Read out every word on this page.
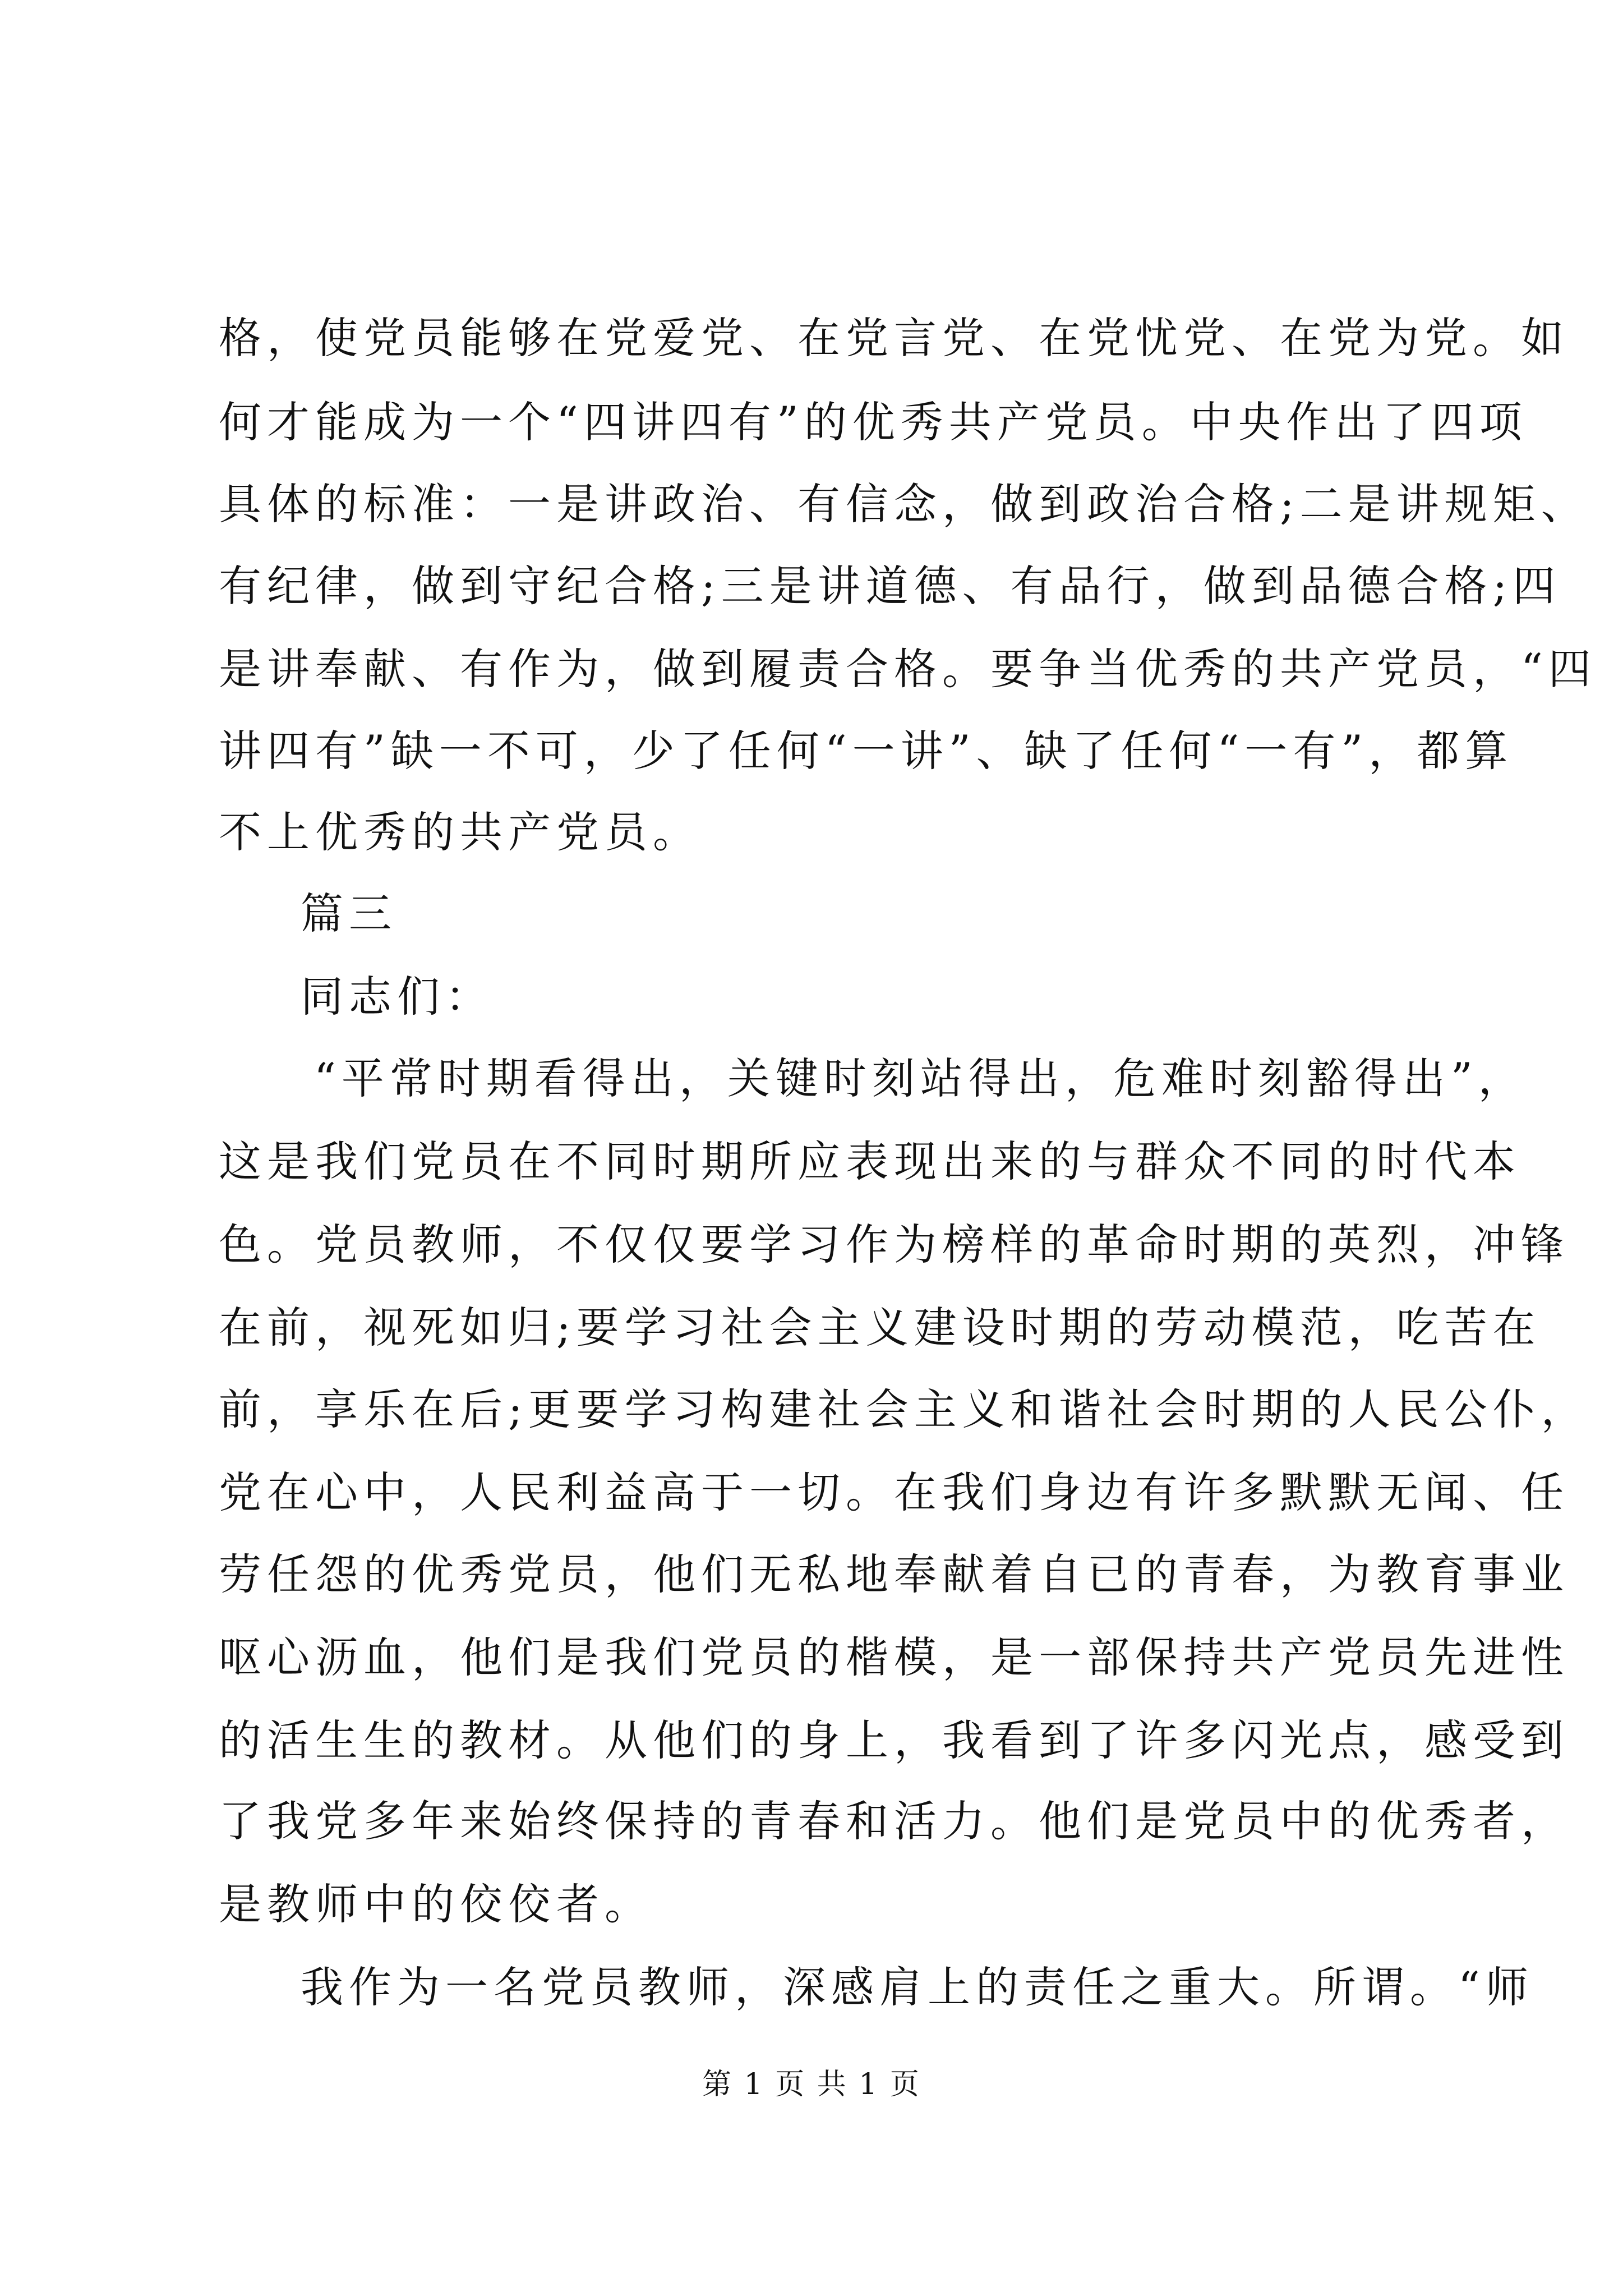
格，使党员能够在党爱党、在党言党、在党忧党、在党为党。如
何才能成为一个“四讲四有”的优秀共产党员。中央作出了四项
具体的标准：一是讲政治、有信念，做到政治合格;二是讲规矩、
有纪律，做到守纪合格;三是讲道德、有品行，做到品德合格;四
是讲奉献、有作为，做到履责合格。要争当优秀的共产党员，“四
讲四有”缺一不可，少了任何“一讲”、缺了任何“一有”，都算
不上优秀的共产党员。
篇三
同志们：
“平常时期看得出，关键时刻站得出，危难时刻豁得出”，
这是我们党员在不同时期所应表现出来的与群众不同的时代本
色。党员教师，不仅仅要学习作为榜样的革命时期的英烈，冲锋
在前，视死如归;要学习社会主义建设时期的劳动模范，吃苦在
前，享乐在后;更要学习构建社会主义和谐社会时期的人民公仆，
党在心中，人民利益高于一切。在我们身边有许多默默无闻、任
劳任怨的优秀党员，他们无私地奉献着自已的青春，为教育事业
呕心沥血，他们是我们党员的楷模，是一部保持共产党员先进性
的活生生的教材。从他们的身上，我看到了许多闪光点，感受到
了我党多年来始终保持的青春和活力。他们是党员中的优秀者，
是教师中的佼佼者。
我作为一名党员教师，深感肩上的责任之重大。所谓。“师
第 1 页 共 1 页
